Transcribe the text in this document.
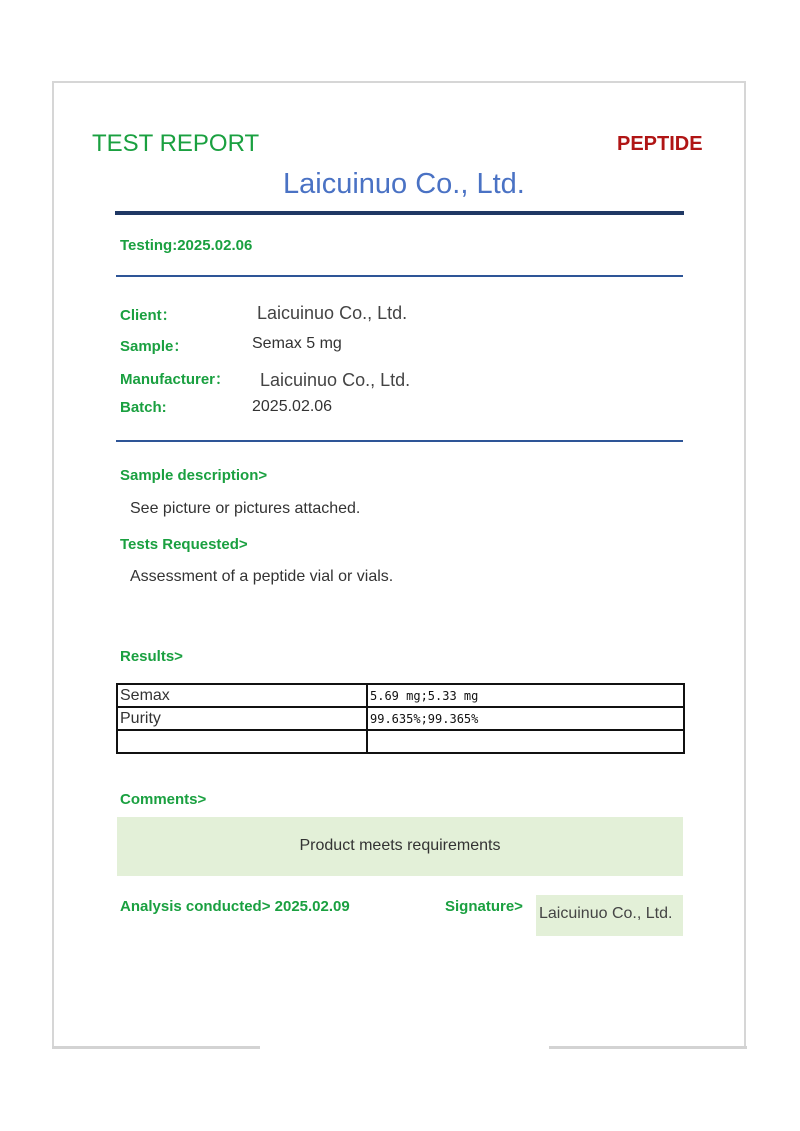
TEST REPORT	PEPTIDE
Laicuinuo Co., Ltd.
Testing:2025.02.06
Client：	Laicuinuo Co., Ltd.
Sample：	Semax 5 mg
Manufacturer： Laicuinuo Co., Ltd.
Batch:	2025.02.06
Sample description>
See picture or pictures attached.
Tests Requested>
Assessment of a peptide vial or vials.
Results>
Semax	5.69 mg;5.33 mg
Purity	99.635%;99.365%

Comments>
Product meets requirements
Analysis conducted> 2025.02.09	Signature> Laicuinuo Co., Ltd.
